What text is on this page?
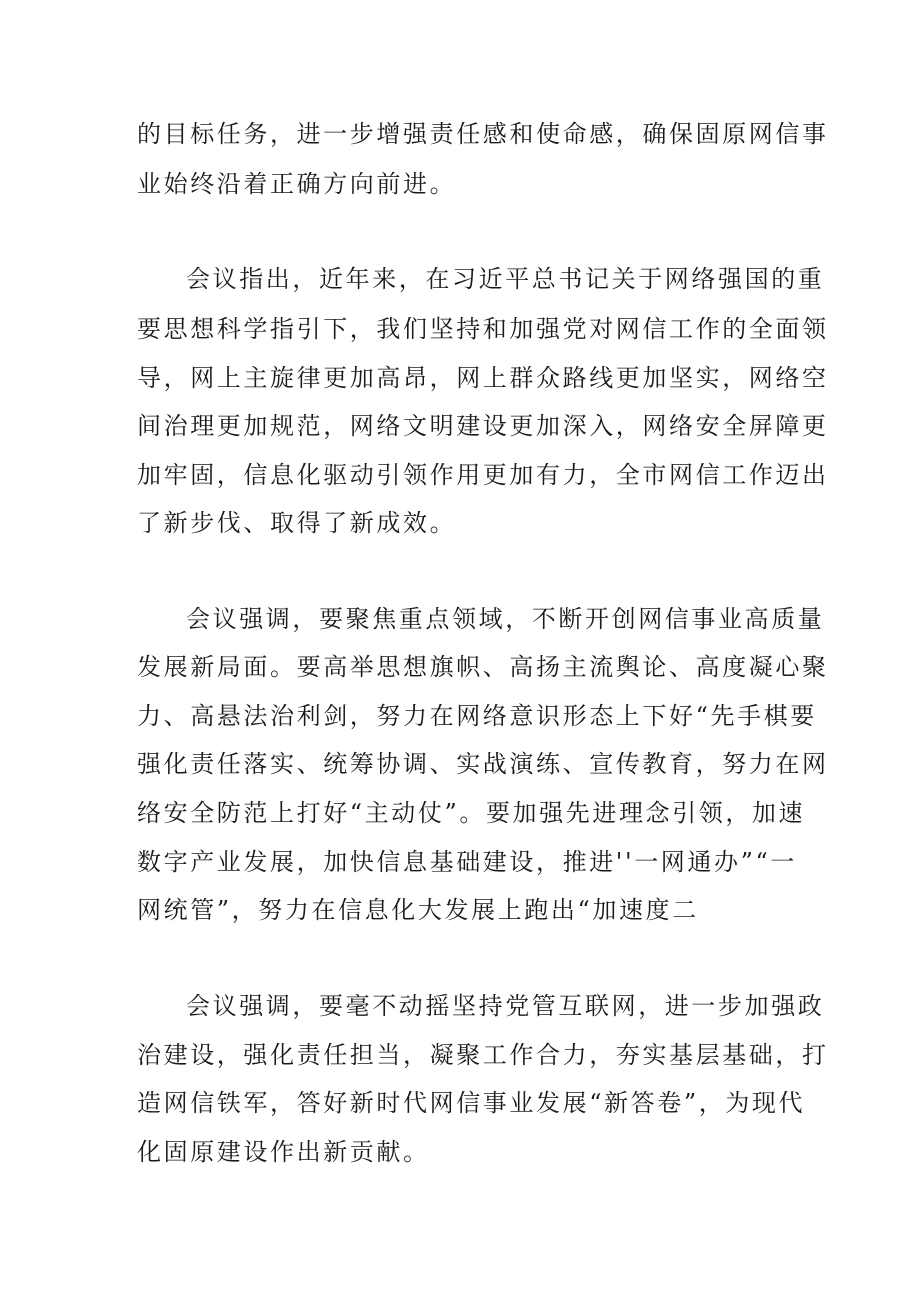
的目标任务，进一步增强责任感和使命感，确保固原网信事
业始终沿着正确方向前进。
会议指出，近年来，在习近平总书记关于网络强国的重
要思想科学指引下，我们坚持和加强党对网信工作的全面领
导，网上主旋律更加高昂，网上群众路线更加坚实，网络空
间治理更加规范，网络文明建设更加深入，网络安全屏障更
加牢固，信息化驱动引领作用更加有力，全市网信工作迈出
了新步伐、取得了新成效。
会议强调，要聚焦重点领域，不断开创网信事业高质量
发展新局面。要高举思想旗帜、高扬主流舆论、高度凝心聚
力、高悬法治利剑，努力在网络意识形态上下好“先手棋要
强化责任落实、统筹协调、实战演练、宣传教育，努力在网
络安全防范上打好“主动仗”。要加强先进理念引领，加速
数字产业发展，加快信息基础建设，推进''一网通办”“一
网统管”，努力在信息化大发展上跑出“加速度二
会议强调，要毫不动摇坚持党管互联网，进一步加强政
治建设，强化责任担当，凝聚工作合力，夯实基层基础，打
造网信铁军，答好新时代网信事业发展“新答卷”，为现代
化固原建设作出新贡献。
